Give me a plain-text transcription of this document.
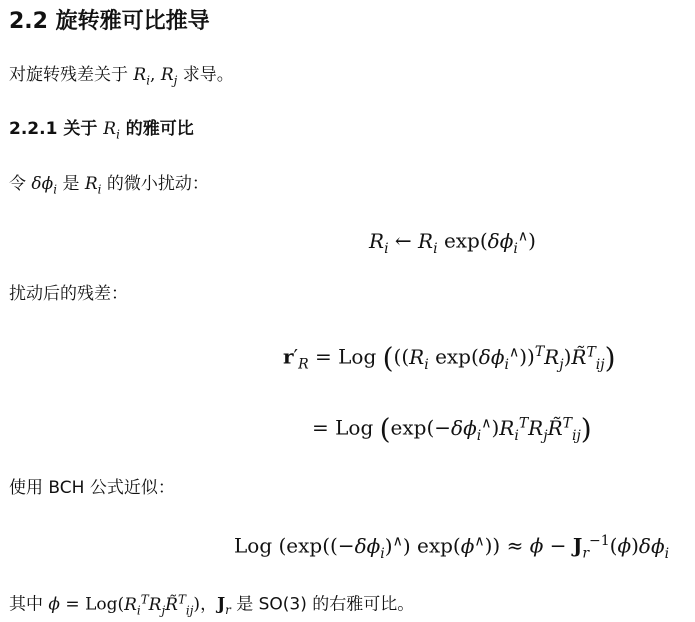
2.2 旋转雅可比推导
对旋转残差关于 $R_i$, $R_j$ 求导。
2.2.1 关于 $R_i$ 的雅可比
令 $\delta\phi_i$ 是 $R_i$ 的微小扰动：
$R_i$ ← $R_i$ $\exp(\delta\phi_i^\wedge)$
扰动后的残差：
$r'_R$ = Log ((($R_i$ $\exp(\delta\phi_i^\wedge))^TR_j)R̃^T_{ij}$)
= Log $(\exp(-\delta\phi_i^\wedge)R_i^TR_jR̃^T_{ij})$
使用 BCH 公式近似：
Log $(\exp((-\delta\phi_i)^\wedge) \exp(\phi^\wedge)) \approx \phi - J_r^{-1}(\phi)\delta\phi_i$
其中 $\phi = Log(R_i^TR_jR̃^T_{ij})$，$J_r$ 是 SO(3) 的右雅可比。
